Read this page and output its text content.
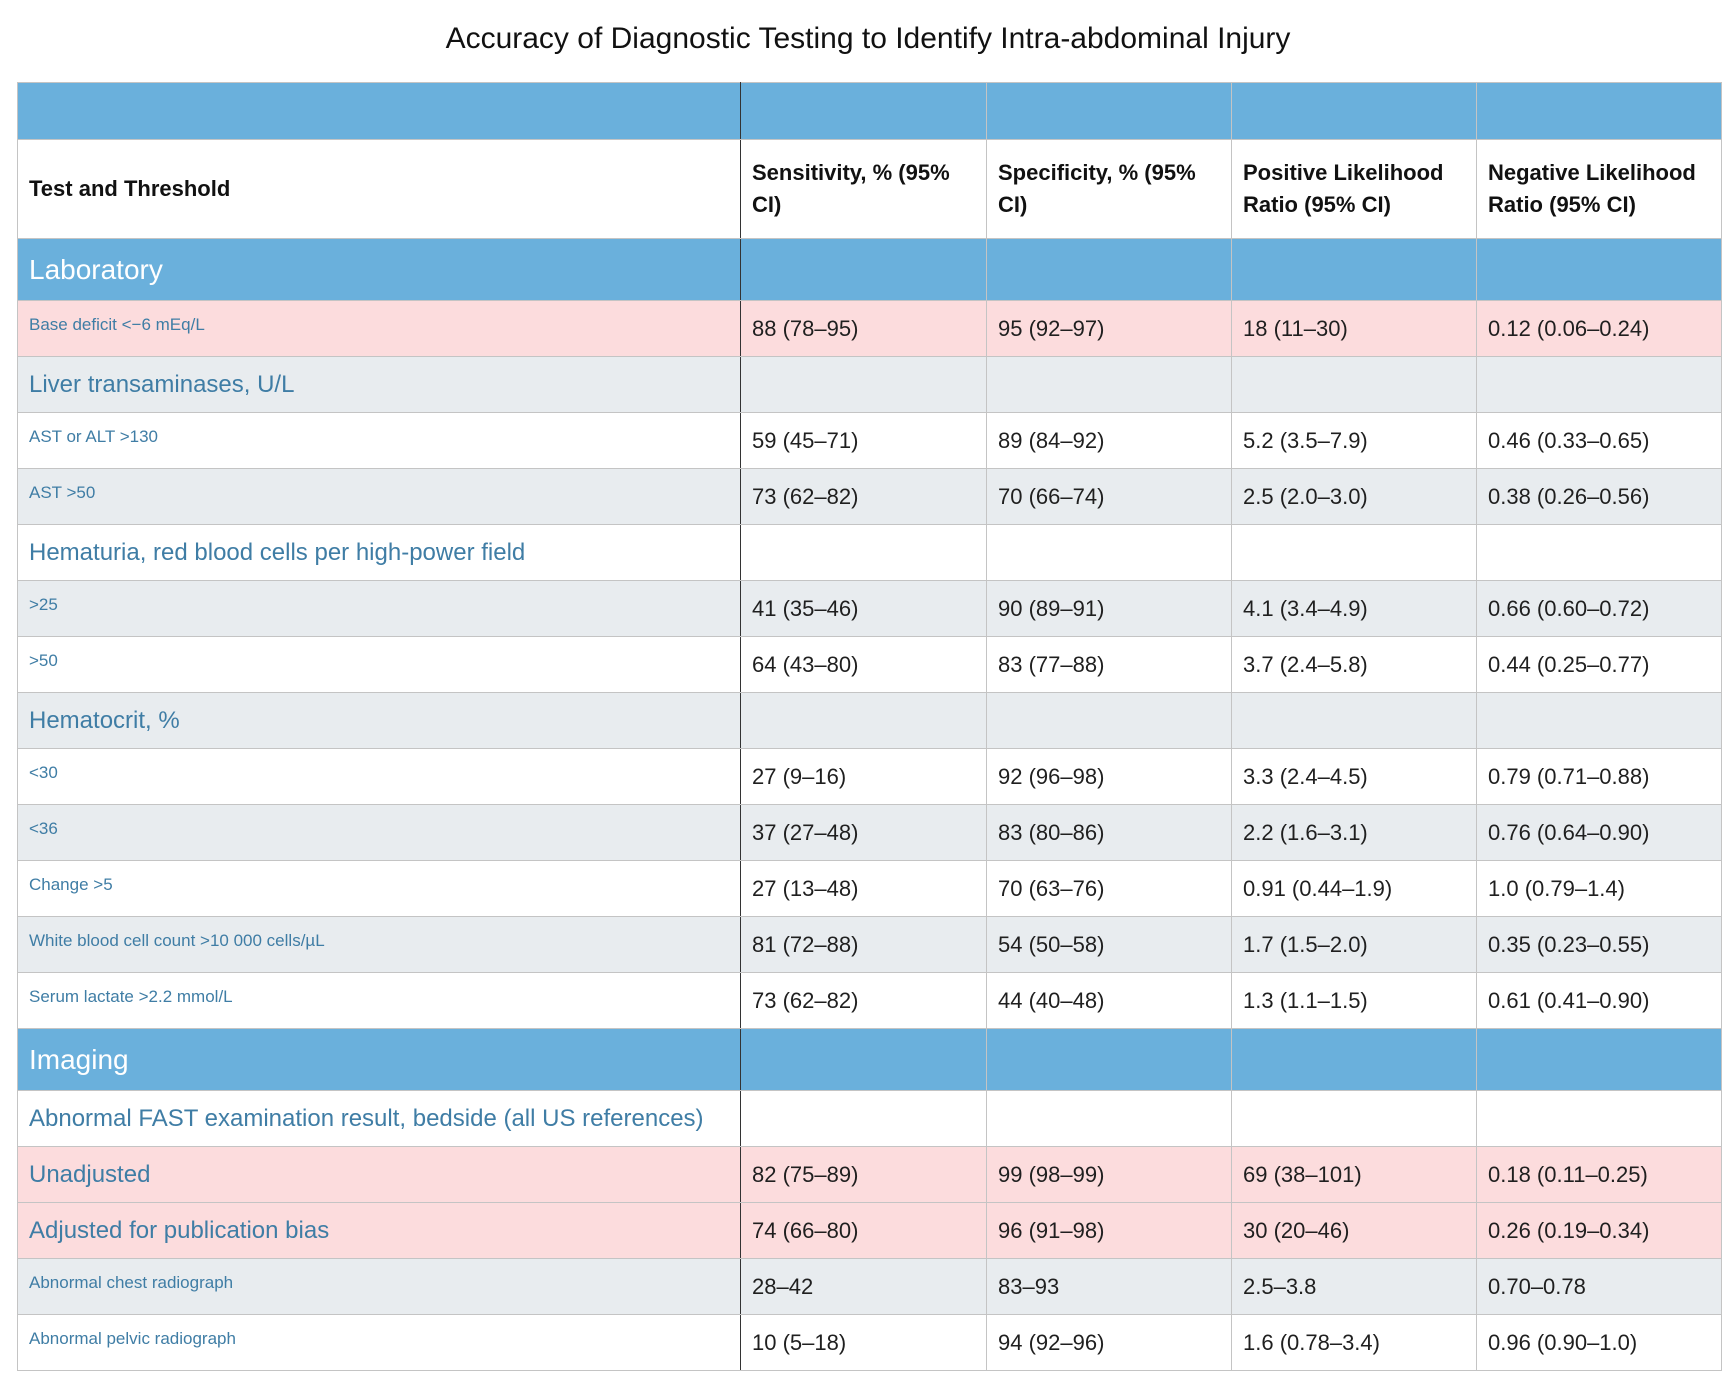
Accuracy of Diagnostic Testing to Identify Intra-abdominal Injury

Test and Threshold	Sensitivity, % (95% CI)	Specificity, % (95% CI)	Positive Likelihood Ratio (95% CI)	Negative Likelihood Ratio (95% CI)
Laboratory				
Base deficit <−6 mEq/L	88 (78–95)	95 (92–97)	18 (11–30)	0.12 (0.06–0.24)
Liver transaminases, U/L				
AST or ALT >130	59 (45–71)	89 (84–92)	5.2 (3.5–7.9)	0.46 (0.33–0.65)
AST >50	73 (62–82)	70 (66–74)	2.5 (2.0–3.0)	0.38 (0.26–0.56)
Hematuria, red blood cells per high-power field				
>25	41 (35–46)	90 (89–91)	4.1 (3.4–4.9)	0.66 (0.60–0.72)
>50	64 (43–80)	83 (77–88)	3.7 (2.4–5.8)	0.44 (0.25–0.77)
Hematocrit, %				
<30	27 (9–16)	92 (96–98)	3.3 (2.4–4.5)	0.79 (0.71–0.88)
<36	37 (27–48)	83 (80–86)	2.2 (1.6–3.1)	0.76 (0.64–0.90)
Change >5	27 (13–48)	70 (63–76)	0.91 (0.44–1.9)	1.0 (0.79–1.4)
White blood cell count >10 000 cells/µL	81 (72–88)	54 (50–58)	1.7 (1.5–2.0)	0.35 (0.23–0.55)
Serum lactate >2.2 mmol/L	73 (62–82)	44 (40–48)	1.3 (1.1–1.5)	0.61 (0.41–0.90)
Imaging				
Abnormal FAST examination result, bedside (all US references)				
Unadjusted	82 (75–89)	99 (98–99)	69 (38–101)	0.18 (0.11–0.25)
Adjusted for publication bias	74 (66–80)	96 (91–98)	30 (20–46)	0.26 (0.19–0.34)
Abnormal chest radiograph	28–42	83–93	2.5–3.8	0.70–0.78
Abnormal pelvic radiograph	10 (5–18)	94 (92–96)	1.6 (0.78–3.4)	0.96 (0.90–1.0)
